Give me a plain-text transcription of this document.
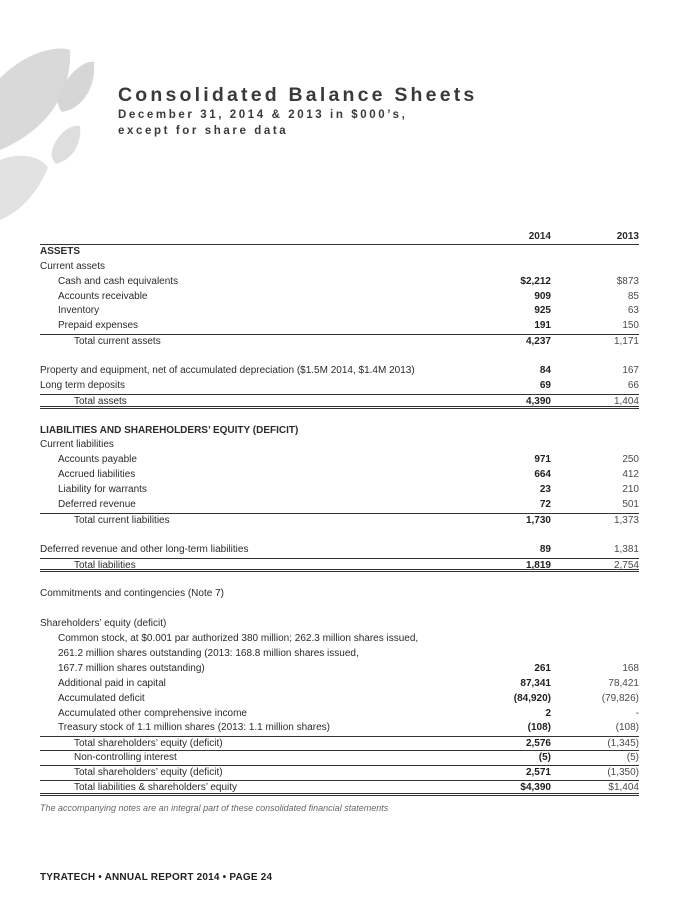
Consolidated Balance Sheets
December 31, 2014 & 2013 in $000’s,
except for share data
2014	2013
ASSETS
Current assets
Cash and cash equivalents	$2,212	$873
Accounts receivable	909	85
Inventory	925	63
Prepaid expenses	191	150
Total current assets	4,237	1,171
Property and equipment, net of accumulated depreciation ($1.5M 2014, $1.4M 2013)	84	167
Long term deposits	69	66
Total assets	4,390	1,404
LIABILITIES AND SHAREHOLDERS’ EQUITY (DEFICIT)
Current liabilities
Accounts payable	971	250
Accrued liabilities	664	412
Liability for warrants	23	210
Deferred revenue	72	501
Total current liabilities	1,730	1,373
Deferred revenue and other long-term liabilities	89	1,381
Total liabilities	1,819	2,754
Commitments and contingencies (Note 7)
Shareholders’ equity (deficit)
Common stock, at $0.001 par authorized 380 million; 262.3 million shares issued,
261.2 million shares outstanding (2013: 168.8 million shares issued,
167.7 million shares outstanding)	261	168
Additional paid in capital	87,341	78,421
Accumulated deficit	(84,920)	(79,826)
Accumulated other comprehensive income	2	-
Treasury stock of 1.1 million shares (2013: 1.1 million shares)	(108)	(108)
Total shareholders’ equity (deficit)	2,576	(1,345)
Non-controlling interest	(5)	(5)
Total shareholders’ equity (deficit)	2,571	(1,350)
Total liabilities & shareholders’ equity	$4,390	$1,404
The accompanying notes are an integral part of these consolidated financial statements
TYRATECH • ANNUAL REPORT 2014 • PAGE 24
